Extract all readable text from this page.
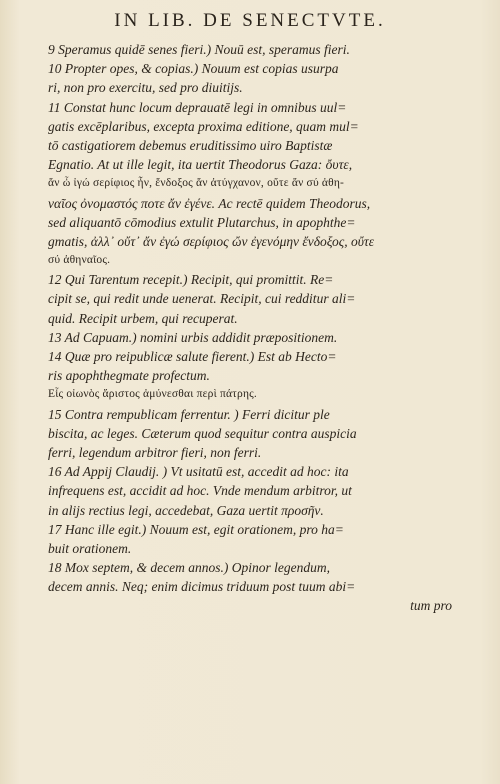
IN LIB. DE SENECTVTE.
9 Speramus quidē senes fieri.) Nouū est, speramus fieri.
10 Propter opes, & copias.) Nouum est copias usurpa
ri, non pro exercitu, sed pro diuitijs.
11 Constat hunc locum deprauatē legi in omnibus uul=
gatis excēplaribus, excepta proxima editione, quam mul=
tō castigatiorem debemus eruditissimo uiro Baptistæ
Egnatio. At ut ille legit, ita uertit Theodorus Gaza: ὄυτε,
ἄν ὦ ἰγώ σερίφιος ἦν, ἔνδοξος ἄν ἀτύγχανον, οὔτε ἄν σύ ἀθη-
ναῖος ὀνομαστός ποτε ἄν ἐγένε. Ac rectē quidem Theodorus,
sed aliquantō cōmodius extulit Plutarchus, in apophthe=
gmatis, ἀλλ᾽ οὔτ᾽ ἄν ἐγώ σερίφιος ὤν ἐγενόμην ἔνδοξος, οὔτε
σύ ἀθηναῖος.
12 Qui Tarentum recepit.) Recipit, qui promittit. Re=
cipit se, qui redit unde uenerat. Recipit, cui redditur ali=
quid. Recipit urbem, qui recuperat.
13 Ad Capuam.) nomini urbis addidit præpositionem.
14 Quæ pro reipublicæ salute fierent.) Est ab Hecto=
ris apophthegmate profectum.
Εἷς οἰωνὸς ἄριστος ἀμύνεσθαι περὶ πάτρης.
15 Contra rempublicam ferrentur. ) Ferri dicitur ple
biscita, ac leges. Cæterum quod sequitur contra auspicia
ferri, legendum arbitror fieri, non ferri.
16 Ad Appij Claudij. ) Vt usitatū est, accedit ad hoc: ita
infrequens est, accidit ad hoc. Vnde mendum arbitror, ut
in alijs rectius legi, accedebat, Gaza uertit προσῆν.
17 Hanc ille egit.) Nouum est, egit orationem, pro ha=
buit orationem.
18 Mox septem, & decem annos.) Opinor legendum,
decem annis. Neq; enim dicimus triduum post tuum abi=
tum pro
